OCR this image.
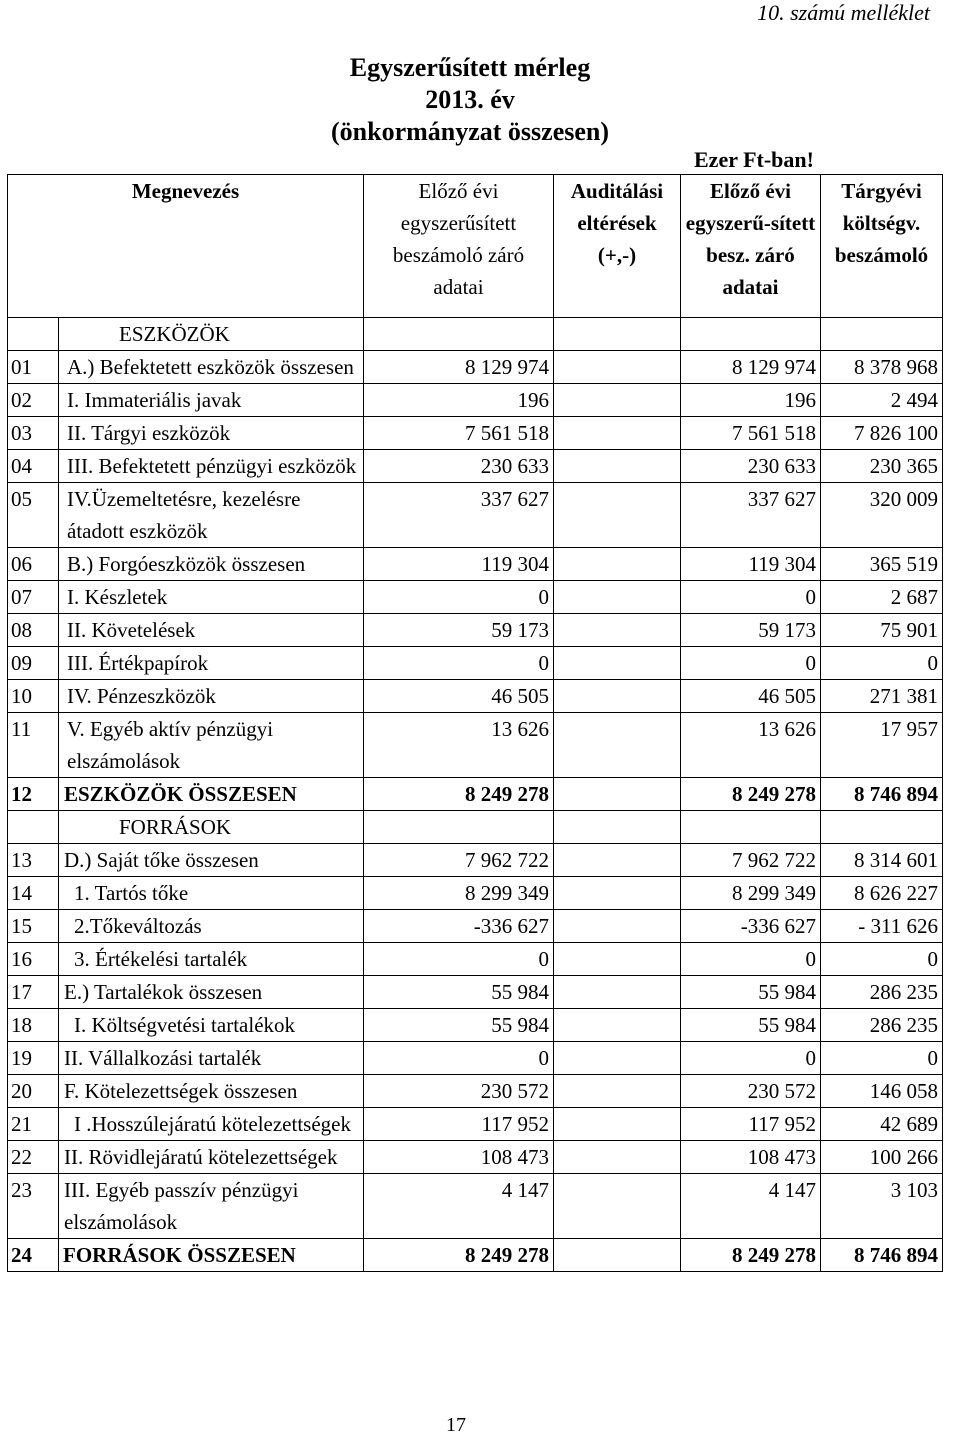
10. számú melléklet
Egyszerűsített mérleg
2013. év
(önkormányzat összesen)
Ezer Ft-ban!
Megnevezés		Előző évi egyszerűsített beszámoló záró adatai	Auditálási eltérések (+,-)	Előző évi egyszerű-sített besz. záró adatai	Tárgyévi költségv. beszámoló
	ESZKÖZÖK				
01	A.) Befektetett eszközök összesen	8 129 974		8 129 974	8 378 968
02	I. Immateriális javak	196		196	2 494
03	II. Tárgyi eszközök	7 561 518		7 561 518	7 826 100
04	III. Befektetett pénzügyi eszközök	230 633		230 633	230 365
05	IV.Üzemeltetésre, kezelésre átadott eszközök	337 627		337 627	320 009
06	B.) Forgóeszközök összesen	119 304		119 304	365 519
07	I. Készletek	0		0	2 687
08	II. Követelések	59 173		59 173	75 901
09	III. Értékpapírok	0		0	0
10	IV. Pénzeszközök	46 505		46 505	271 381
11	V. Egyéb aktív pénzügyi elszámolások	13 626		13 626	17 957
12	ESZKÖZÖK ÖSSZESEN	8 249 278		8 249 278	8 746 894
	FORRÁSOK				
13	D.) Saját tőke összesen	7 962 722		7 962 722	8 314 601
14	1. Tartós tőke	8 299 349		8 299 349	8 626 227
15	2.Tőkeváltozás	-336 627		-336 627	- 311 626
16	3. Értékelési tartalék	0		0	0
17	E.) Tartalékok összesen	55 984		55 984	286 235
18	I. Költségvetési tartalékok	55 984		55 984	286 235
19	II. Vállalkozási tartalék	0		0	0
20	F. Kötelezettségek összesen	230 572		230 572	146 058
21	I .Hosszúlejáratú kötelezettségek	117 952		117 952	42 689
22	II. Rövidlejáratú kötelezettségek	108 473		108 473	100 266
23	III. Egyéb passzív pénzügyi elszámolások	4 147		4 147	3 103
24	FORRÁSOK ÖSSZESEN	8 249 278		8 249 278	8 746 894
17
